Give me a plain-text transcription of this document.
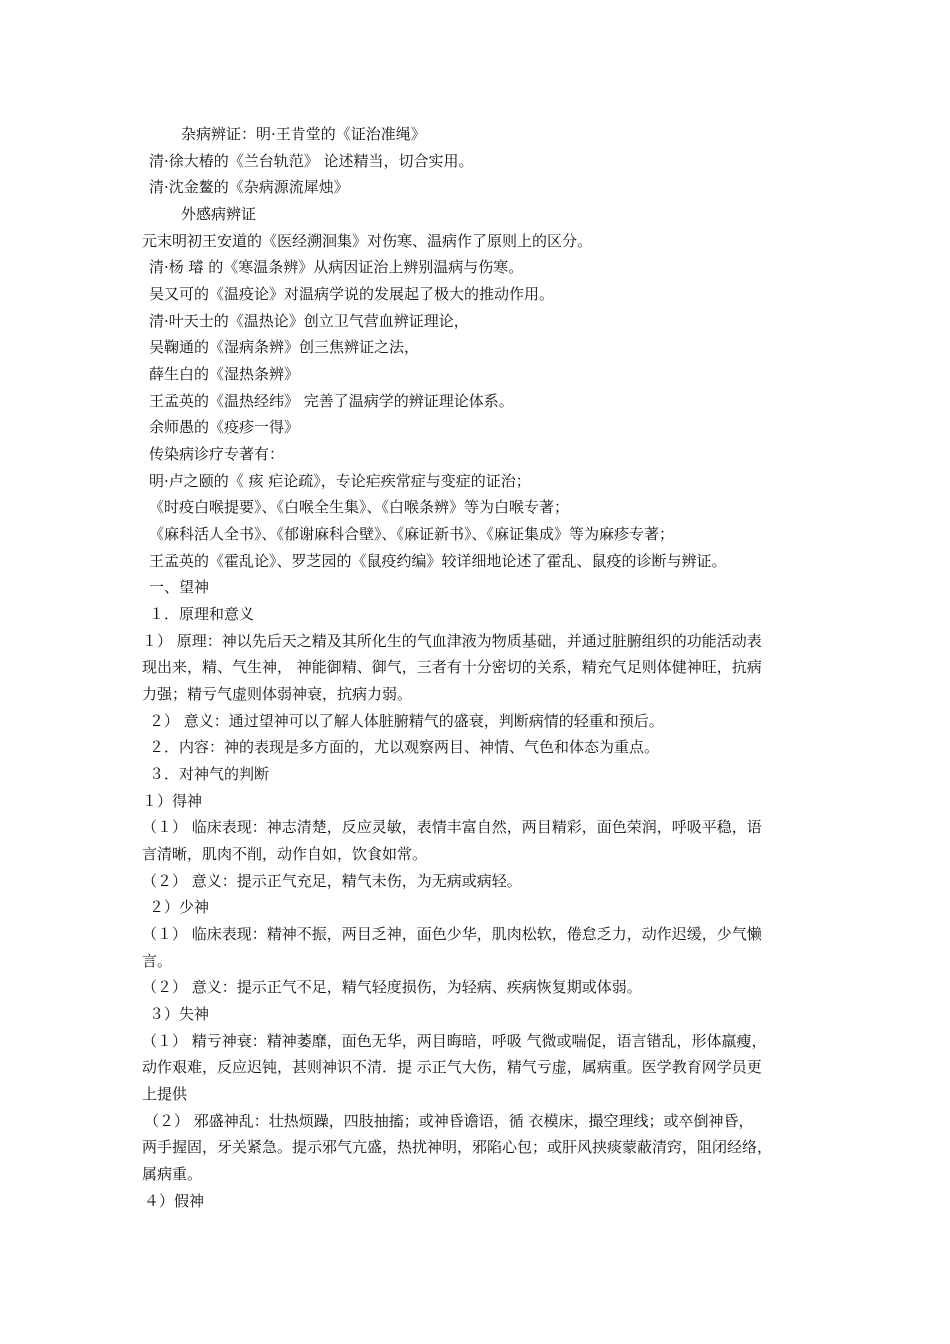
杂病辨证：明·王肯堂的《证治准绳》
清·徐大椿的《兰台轨范》 论述精当，切合实用。
清·沈金鳌的《杂病源流犀烛》
外感病辨证
元末明初王安道的《医经溯洄集》对伤寒、温病作了原则上的区分。
清·杨 璿 的《寒温条辨》从病因证治上辨别温病与伤寒。
吴又可的《温疫论》对温病学说的发展起了极大的推动作用。
清·叶天士的《温热论》创立卫气营血辨证理论，
吴鞠通的《湿病条辨》创三焦辨证之法，
薛生白的《湿热条辨》
王孟英的《温热经纬》 完善了温病学的辨证理论体系。
余师愚的《疫疹一得》
传染病诊疗专著有：
明·卢之颐的《 痎 疟论疏》，专论疟疾常症与变症的证治；
《时疫白喉提要》、《白喉全生集》、《白喉条辨》等为白喉专著；
《麻科活人全书》、《郁谢麻科合壁》、《麻证新书》、《麻证集成》等为麻疹专著；
王孟英的《霍乱论》、罗芝园的《鼠疫约编》较详细地论述了霍乱、鼠疫的诊断与辨证。
一、望神
１．原理和意义
１） 原理：神以先后天之精及其所化生的气血津液为物质基础，并通过脏腑组织的功能活动表
现出来，精、气生神， 神能御精、御气，三者有十分密切的关系，精充气足则体健神旺，抗病
力强；精亏气虚则体弱神衰，抗病力弱。
２） 意义：通过望神可以了解人体脏腑精气的盛衰，判断病情的轻重和预后。
２．内容：神的表现是多方面的，尤以观察两目、神情、气色和体态为重点。
３．对神气的判断
１）得神
（１） 临床表现：神志清楚，反应灵敏，表情丰富自然，两目精彩，面色荣润，呼吸平稳，语
言清晰，肌肉不削，动作自如，饮食如常。
（２） 意义：提示正气充足，精气未伤，为无病或病轻。
２）少神
（１） 临床表现：精神不振，两目乏神，面色少华，肌肉松软，倦怠乏力，动作迟缓，少气懒
言。
（２） 意义：提示正气不足，精气轻度损伤，为轻病、疾病恢复期或体弱。
３）失神
（１） 精亏神衰：精神萎靡，面色无华，两目晦暗，呼吸 气微或喘促，语言错乱，形体羸瘦，
动作艰难，反应迟钝，甚则神识不清．提 示正气大伤，精气亏虚，属病重。医学教育网学员更
上提供
（２） 邪盛神乱：壮热烦躁，四肢抽搐；或神昏谵语，循 衣模床，撮空理线；或卒倒神昏，
两手握固，牙关紧急。提示邪气亢盛，热扰神明，邪陷心包；或肝风挟痰蒙蔽清窍，阻闭经络，
属病重。
４）假神
